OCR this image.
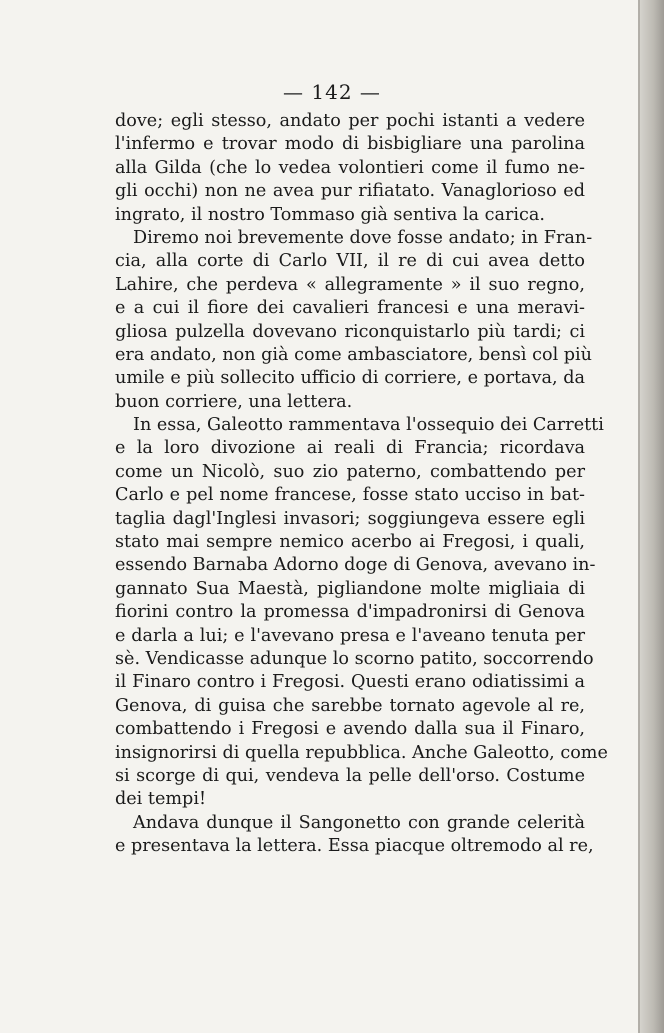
— 142 —
dove; egli stesso, andato per pochi istanti a vedere
l'infermo e trovar modo di bisbigliare una parolina
alla Gilda (che lo vedea volontieri come il fumo ne-
gli occhi) non ne avea pur rifiatato. Vanaglorioso ed
ingrato, il nostro Tommaso già sentiva la carica.
Diremo noi brevemente dove fosse andato; in Fran-
cia, alla corte di Carlo VII, il re di cui avea detto
Lahire, che perdeva « allegramente » il suo regno,
e a cui il fiore dei cavalieri francesi e una meravi-
gliosa pulzella dovevano riconquistarlo più tardi; ci
era andato, non già come ambasciatore, bensì col più
umile e più sollecito ufficio di corriere, e portava, da
buon corriere, una lettera.
In essa, Galeotto rammentava l'ossequio dei Carretti
e la loro divozione ai reali di Francia; ricordava
come un Nicolò, suo zio paterno, combattendo per
Carlo e pel nome francese, fosse stato ucciso in bat-
taglia dagl'Inglesi invasori; soggiungeva essere egli
stato mai sempre nemico acerbo ai Fregosi, i quali,
essendo Barnaba Adorno doge di Genova, avevano in-
gannato Sua Maestà, pigliandone molte migliaia di
fiorini contro la promessa d'impadronirsi di Genova
e darla a lui; e l'avevano presa e l'aveano tenuta per
sè. Vendicasse adunque lo scorno patito, soccorrendo
il Finaro contro i Fregosi. Questi erano odiatissimi a
Genova, di guisa che sarebbe tornato agevole al re,
combattendo i Fregosi e avendo dalla sua il Finaro,
insignorirsi di quella repubblica. Anche Galeotto, come
si scorge di qui, vendeva la pelle dell'orso. Costume
dei tempi!
Andava dunque il Sangonetto con grande celerità
e presentava la lettera. Essa piacque oltremodo al re,
